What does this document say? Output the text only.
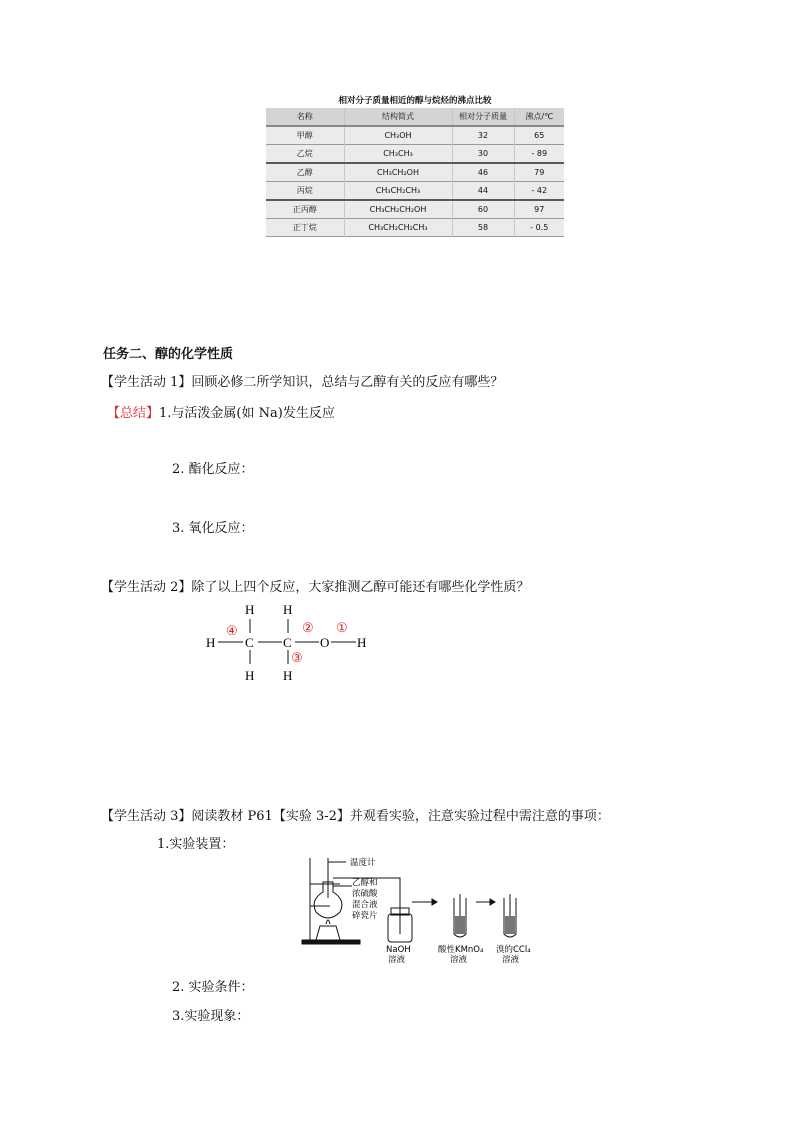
相对分子质量相近的醇与烷烃的沸点比较
名称	结构简式	相对分子质量	沸点/℃
甲醇	CH₃OH	32	65
乙烷	CH₃CH₃	30	- 89
乙醇	CH₃CH₂OH	46	79
丙烷	CH₃CH₂CH₃	44	- 42
正丙醇	CH₃CH₂CH₂OH	60	97
正丁烷	CH₃CH₂CH₂CH₃	58	- 0.5
任务二、醇的化学性质
【学生活动 1】回顾必修二所学知识，总结与乙醇有关的反应有哪些？
【总结】1.与活泼金属(如 Na)发生反应
2. 酯化反应：
3. 氧化反应：
【学生活动 2】除了以上四个反应，大家推测乙醇可能还有哪些化学性质？
H H
H C C O H
H H
④	② ①
③
【学生活动 3】阅读教材 P61【实验 3-2】并观看实验，注意实验过程中需注意的事项：
1.实验装置：
温度计
乙醇和
浓硫酸
混合液
碎瓷片
NaOH
溶液
酸性KMnO₄
溶液
溴的CCl₄
溶液
2. 实验条件：
3.实验现象：
